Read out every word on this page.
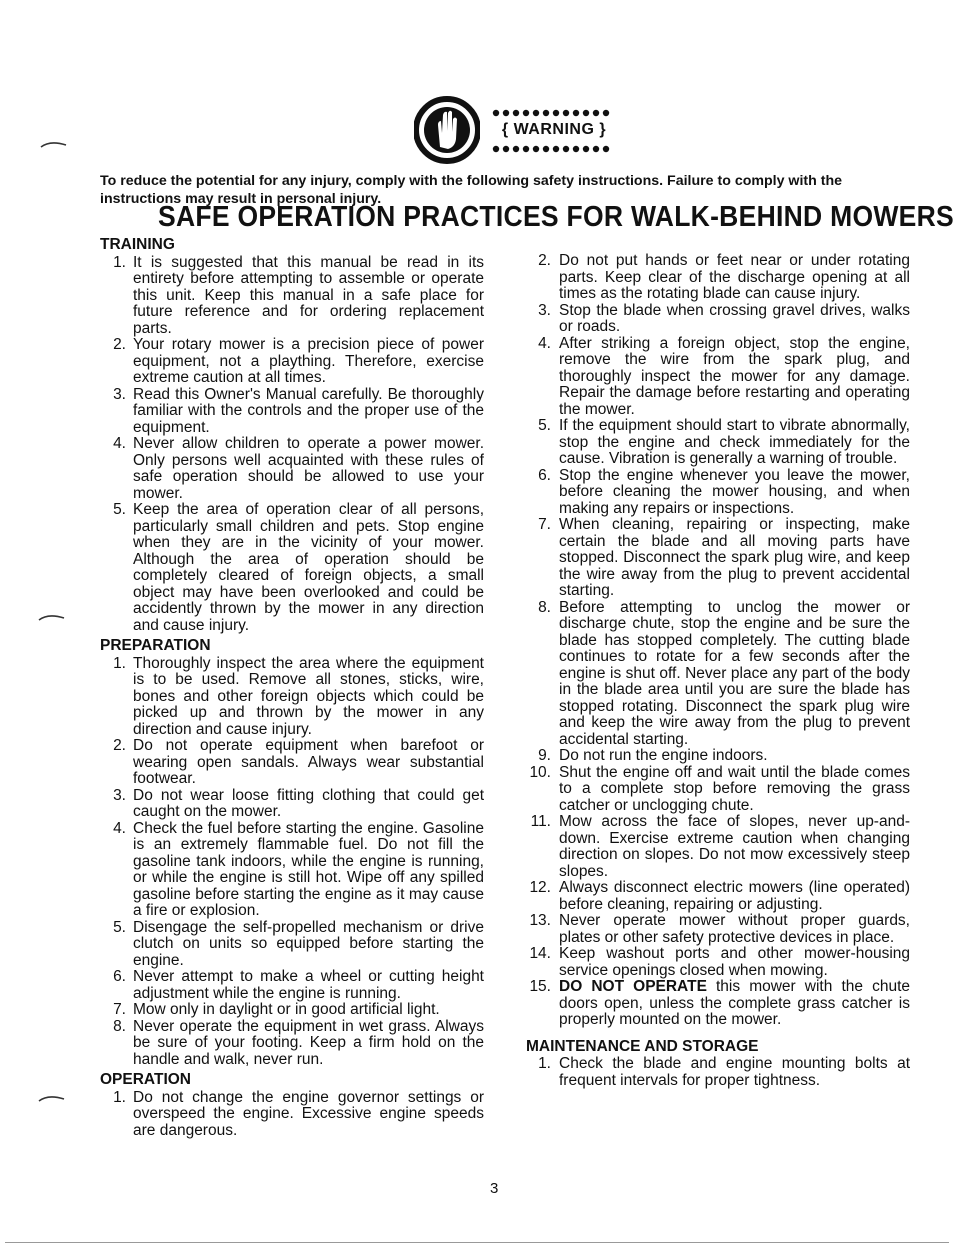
{ WARNING }
To reduce the potential for any injury, comply with the following safety instructions. Failure to comply with the instructions may result in personal injury.
SAFE OPERATION PRACTICES FOR WALK-BEHIND MOWERS
TRAINING
1. It is suggested that this manual be read in its entirety before attempting to assemble or operate this unit. Keep this manual in a safe place for future reference and for ordering replacement parts.
2. Your rotary mower is a precision piece of power equipment, not a plaything. Therefore, exercise extreme caution at all times.
3. Read this Owner's Manual carefully. Be thoroughly familiar with the controls and the proper use of the equipment.
4. Never allow children to operate a power mower. Only persons well acquainted with these rules of safe operation should be allowed to use your mower.
5. Keep the area of operation clear of all persons, particularly small children and pets. Stop engine when they are in the vicinity of your mower. Although the area of operation should be completely cleared of foreign objects, a small object may have been overlooked and could be accidently thrown by the mower in any direction and cause injury.
PREPARATION
1. Thoroughly inspect the area where the equipment is to be used. Remove all stones, sticks, wire, bones and other foreign objects which could be picked up and thrown by the mower in any direction and cause injury.
2. Do not operate equipment when barefoot or wearing open sandals. Always wear substantial footwear.
3. Do not wear loose fitting clothing that could get caught on the mower.
4. Check the fuel before starting the engine. Gasoline is an extremely flammable fuel. Do not fill the gasoline tank indoors, while the engine is running, or while the engine is still hot. Wipe off any spilled gasoline before starting the engine as it may cause a fire or explosion.
5. Disengage the self-propelled mechanism or drive clutch on units so equipped before starting the engine.
6. Never attempt to make a wheel or cutting height adjustment while the engine is running.
7. Mow only in daylight or in good artificial light.
8. Never operate the equipment in wet grass. Always be sure of your footing. Keep a firm hold on the handle and walk, never run.
OPERATION
1. Do not change the engine governor settings or overspeed the engine. Excessive engine speeds are dangerous.
2. Do not put hands or feet near or under rotating parts. Keep clear of the discharge opening at all times as the rotating blade can cause injury.
3. Stop the blade when crossing gravel drives, walks or roads.
4. After striking a foreign object, stop the engine, remove the wire from the spark plug, and thoroughly inspect the mower for any damage. Repair the damage before restarting and operating the mower.
5. If the equipment should start to vibrate abnormally, stop the engine and check immediately for the cause. Vibration is generally a warning of trouble.
6. Stop the engine whenever you leave the mower, before cleaning the mower housing, and when making any repairs or inspections.
7. When cleaning, repairing or inspecting, make certain the blade and all moving parts have stopped. Disconnect the spark plug wire, and keep the wire away from the plug to prevent accidental starting.
8. Before attempting to unclog the mower or discharge chute, stop the engine and be sure the blade has stopped completely. The cutting blade continues to rotate for a few seconds after the engine is shut off. Never place any part of the body in the blade area until you are sure the blade has stopped rotating. Disconnect the spark plug wire and keep the wire away from the plug to prevent accidental starting.
9. Do not run the engine indoors.
10. Shut the engine off and wait until the blade comes to a complete stop before removing the grass catcher or unclogging chute.
11. Mow across the face of slopes, never up-and-down. Exercise extreme caution when changing direction on slopes. Do not mow excessively steep slopes.
12. Always disconnect electric mowers (line operated) before cleaning, repairing or adjusting.
13. Never operate mower without proper guards, plates or other safety protective devices in place.
14. Keep washout ports and other mower-housing service openings closed when mowing.
15. DO NOT OPERATE this mower with the chute doors open, unless the complete grass catcher is properly mounted on the mower.
MAINTENANCE AND STORAGE
1. Check the blade and engine mounting bolts at frequent intervals for proper tightness.
3
